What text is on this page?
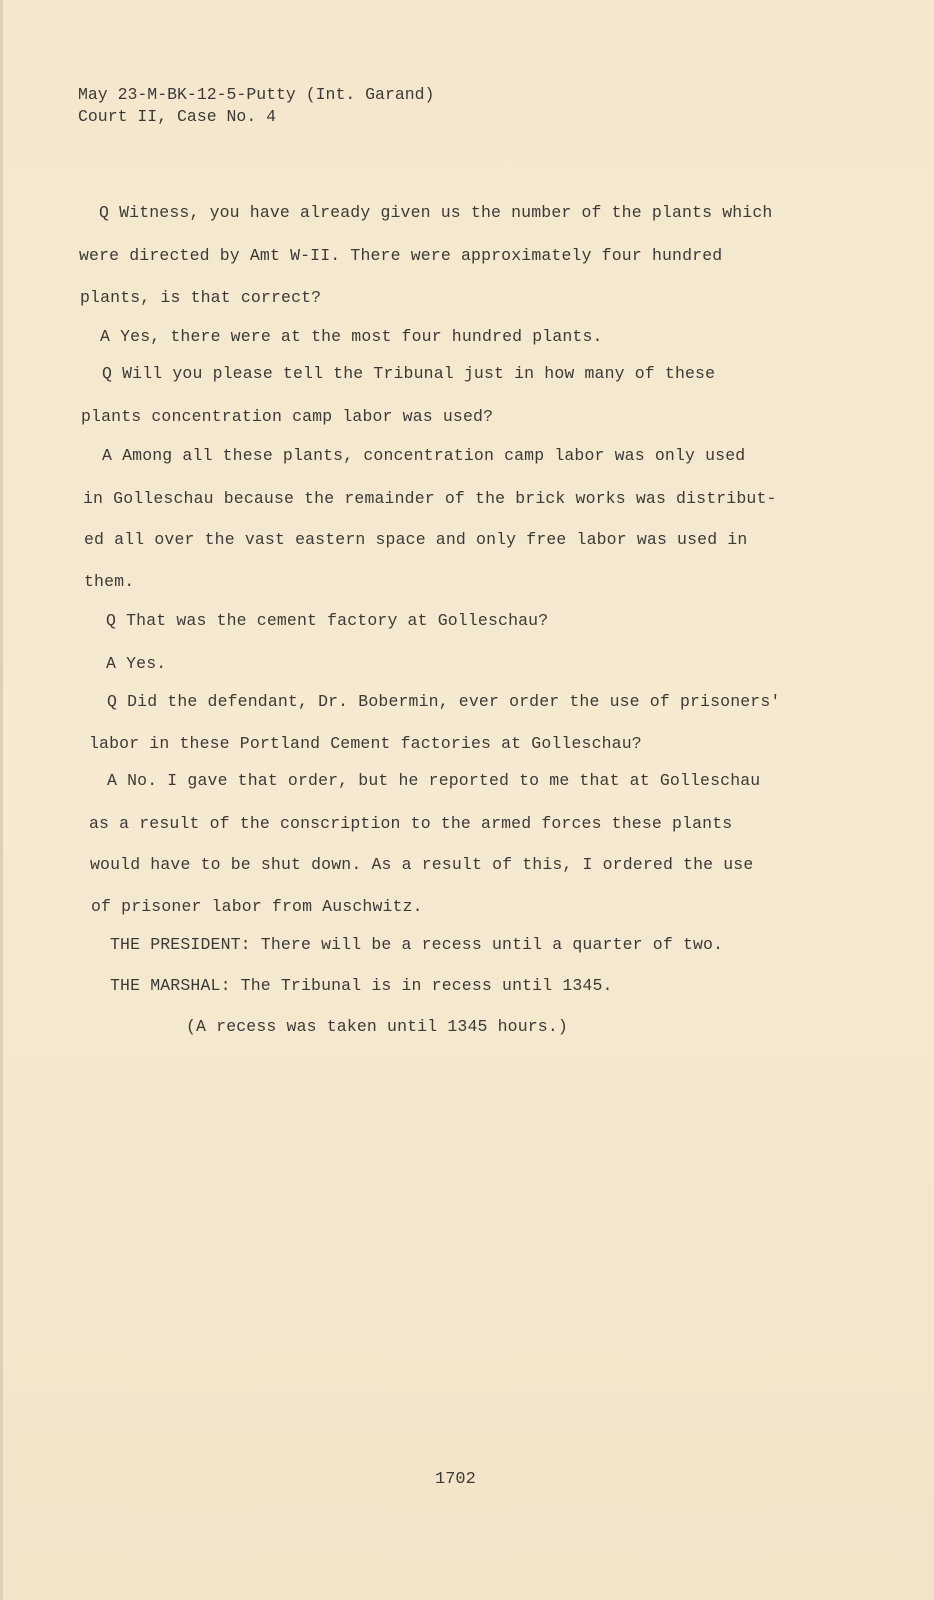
May 23-M-BK-12-5-Putty (Int. Garand)
Court II, Case No. 4
Q Witness, you have already given us the number of the plants which
were directed by Amt W-II. There were approximately four hundred
plants, is that correct?
A Yes, there were at the most four hundred plants.
Q Will you please tell the Tribunal just in how many of these
plants concentration camp labor was used?
A Among all these plants, concentration camp labor was only used
in Golleschau because the remainder of the brick works was distribut-
ed all over the vast eastern space and only free labor was used in
them.
Q That was the cement factory at Golleschau?
A Yes.
Q Did the defendant, Dr. Bobermin, ever order the use of prisoners'
labor in these Portland Cement factories at Golleschau?
A No. I gave that order, but he reported to me that at Golleschau
as a result of the conscription to the armed forces these plants
would have to be shut down. As a result of this, I ordered the use
of prisoner labor from Auschwitz.
THE PRESIDENT: There will be a recess until a quarter of two.
THE MARSHAL: The Tribunal is in recess until 1345.
(A recess was taken until 1345 hours.)
1702
